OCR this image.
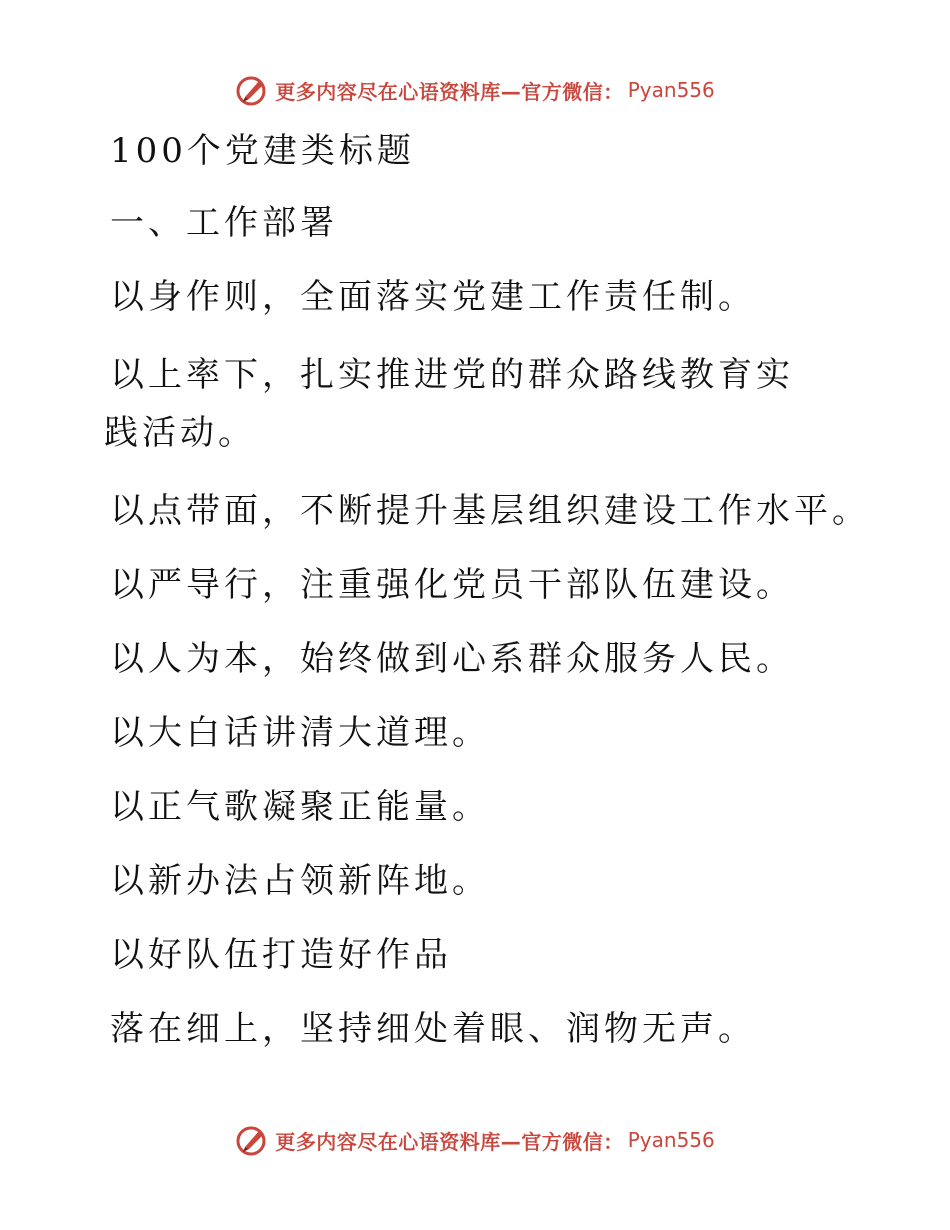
更多内容尽在心语资料库—官方微信： Pyan556

100个党建类标题

一、工作部署

以身作则，全面落实党建工作责任制。

以上率下，扎实推进党的群众路线教育实践活动。

以点带面，不断提升基层组织建设工作水平。

以严导行，注重强化党员干部队伍建设。

以人为本，始终做到心系群众服务人民。

以大白话讲清大道理。

以正气歌凝聚正能量。

以新办法占领新阵地。

以好队伍打造好作品

落在细上，坚持细处着眼、润物无声。

更多内容尽在心语资料库—官方微信： Pyan556
